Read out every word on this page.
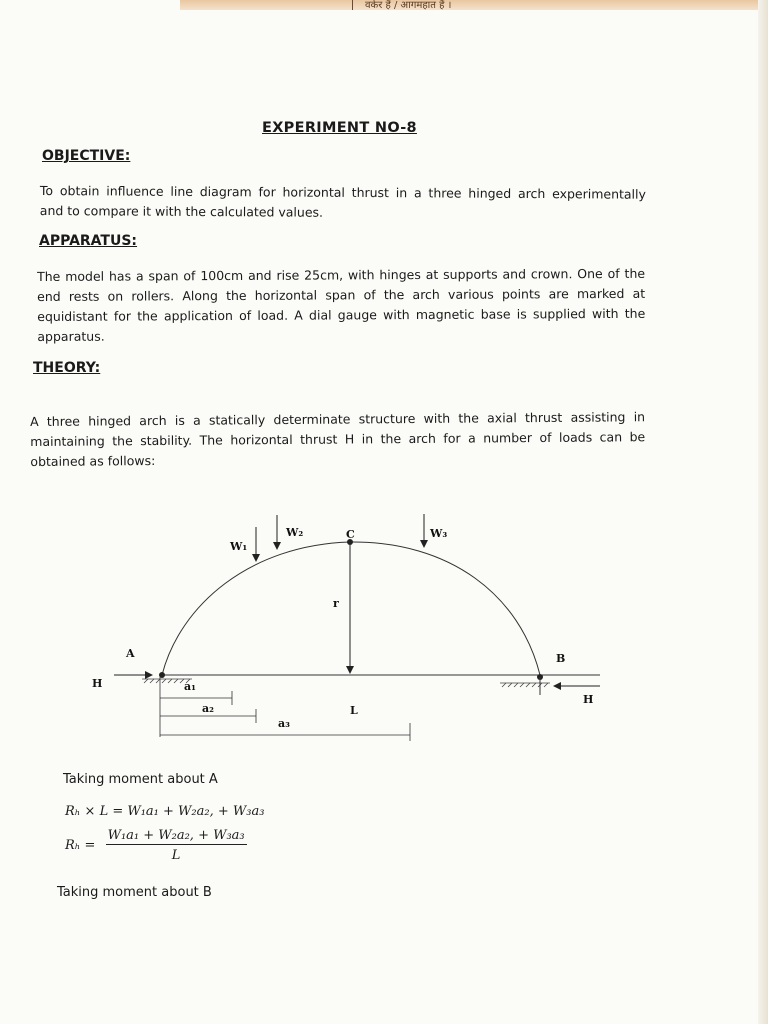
वर्कर हैं / आगमहात हैं ।
EXPERIMENT NO-8
OBJECTIVE:
To obtain influence line diagram for horizontal thrust in a three hinged arch experimentally
and to compare it with the calculated values.
APPARATUS:
The model has a span of 100cm and rise 25cm, with hinges at supports and crown. One of the
end rests on rollers. Along the horizontal span of the arch various points are marked at
equidistant for the application of load. A dial gauge with magnetic base is supplied with the
apparatus.
THEORY:
A three hinged arch is a statically determinate structure with the axial thrust assisting in
maintaining the stability. The horizontal thrust H in the arch for a number of loads can be
obtained as follows:
W₁
W₂	W₃
C
r
A	B
H
H
a₁
a₂
a₃
L
Taking moment about A
Rₕ × L = W₁a₁ + W₂a₂, + W₃a₃
$R_h = \frac{\text{W₁a₁ + W₂a₂, + W₃a₃}}{L}$
Taking moment about B
